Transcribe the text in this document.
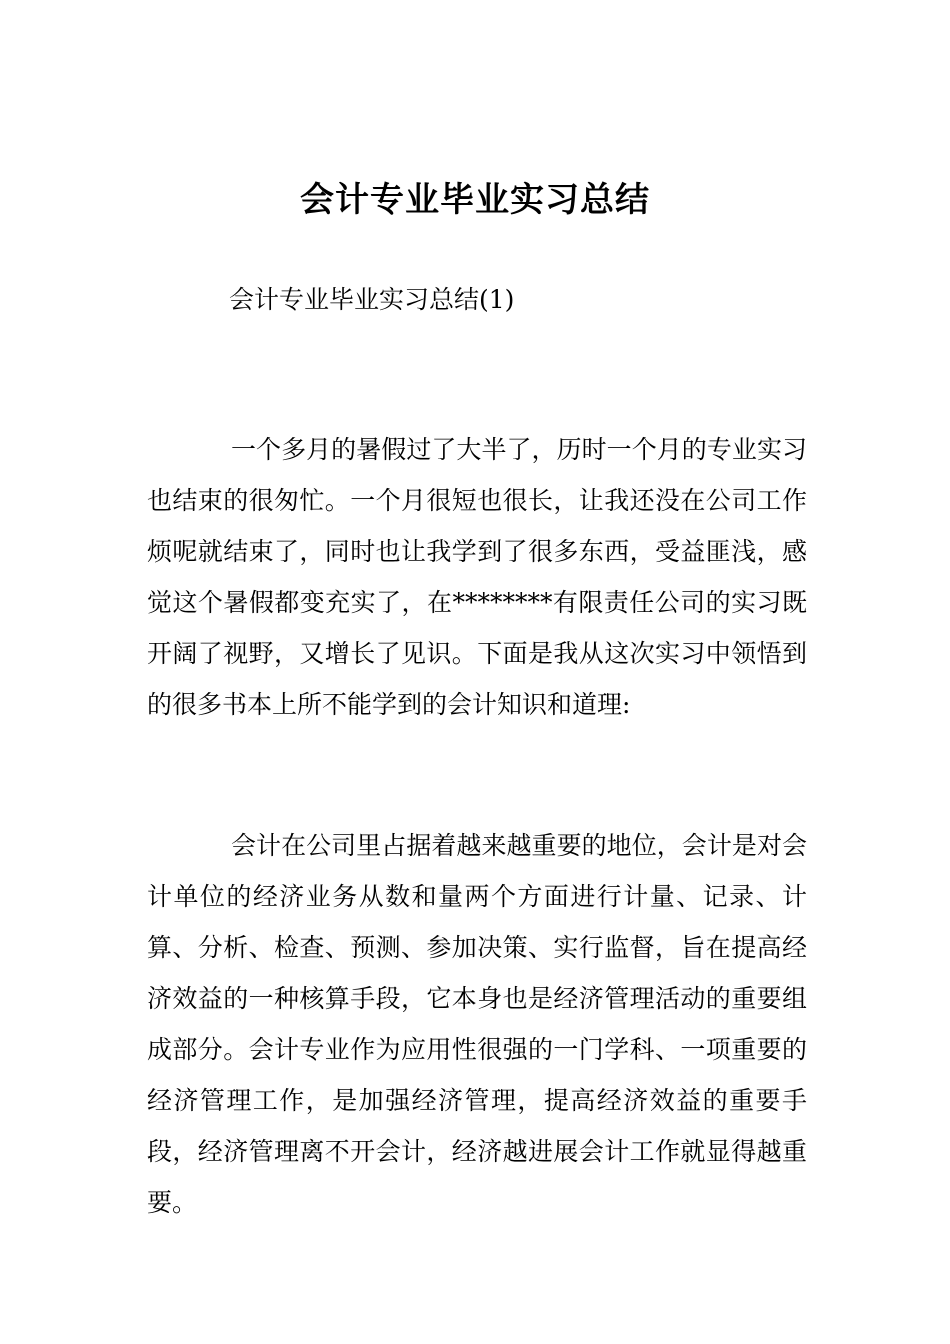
会计专业毕业实习总结
会计专业毕业实习总结(1)

一个多月的暑假过了大半了，历时一个月的专业实习也结束的很匆忙。一个月很短也很长，让我还没在公司工作烦呢就结束了，同时也让我学到了很多东西，受益匪浅，感觉这个暑假都变充实了，在********有限责任公司的实习既开阔了视野，又增长了见识。下面是我从这次实习中领悟到的很多书本上所不能学到的会计知识和道理:

会计在公司里占据着越来越重要的地位，会计是对会计单位的经济业务从数和量两个方面进行计量、记录、计算、分析、检查、预测、参加决策、实行监督，旨在提高经济效益的一种核算手段，它本身也是经济管理活动的重要组成部分。会计专业作为应用性很强的一门学科、一项重要的经济管理工作，是加强经济管理，提高经济效益的重要手段，经济管理离不开会计，经济越进展会计工作就显得越重要。
